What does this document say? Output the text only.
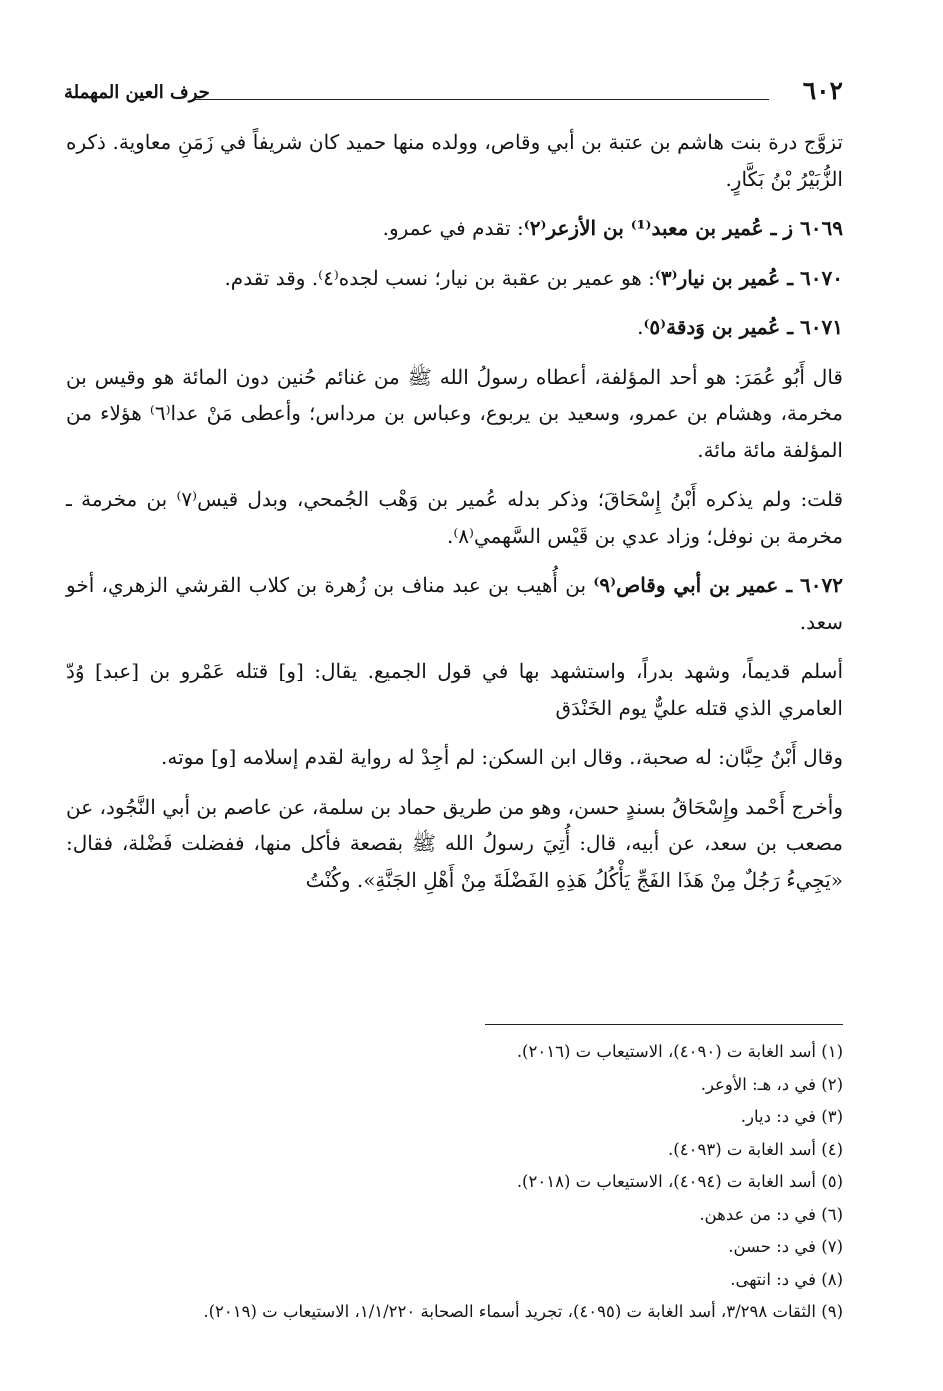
٦٠٢
حرف العين المهملة

تزوَّج درة بنت هاشم بن عتبة بن أبي وقاص، وولده منها حميد كان شريفاً في زَمَنِ معاوية. ذكره الزُّبَيْرُ بْنُ بَكَّارٍ.

٦٠٦٩ ز ـ عُمير بن معبد⁽¹⁾ بن الأزعر⁽٢⁾: تقدم في عمرو.

٦٠٧٠ ـ عُمير بن نيار⁽٣⁾: هو عمير بن عقبة بن نيار؛ نسب لجده⁽٤⁾. وقد تقدم.

٦٠٧١ ـ عُمير بن وَدقة⁽٥⁾.

قال أَبُو عُمَرَ: هو أحد المؤلفة، أعطاه رسولُ الله ﷺ من غنائم حُنين دون المائة هو وقيس بن مخرمة، وهشام بن عمرو، وسعيد بن يربوع، وعباس بن مرداس؛ وأعطى مَنْ عدا⁽٦⁾ هؤلاء من المؤلفة مائة مائة.

قلت: ولم يذكره أَبْنُ إِسْحَاقَ؛ وذكر بدله عُمير بن وَهْب الجُمحي، وبدل قيس⁽٧⁾ بن مخرمة ـ مخرمة بن نوفل؛ وزاد عدي بن قَيْس السَّهمي⁽٨⁾.

٦٠٧٢ ـ عمير بن أبي وقاص⁽٩⁾ بن أُهيب بن عبد مناف بن زُهرة بن كلاب القرشي الزهري، أخو سعد.

أسلم قديماً، وشهد بدراً، واستشهد بها في قول الجميع. يقال: [و] قتله عَمْرو بن [عبد] وُدّ العامري الذي قتله عليٌّ يوم الخَنْدَق

وقال أَبْنُ حِبَّان: له صحبة،. وقال ابن السكن: لم أجِدْ له رواية لقدم إسلامه [و] موته.

وأخرج أَحْمد وإِسْحَاقُ بسندٍ حسن، وهو من طريق حماد بن سلمة، عن عاصم بن أبي النَّجُود، عن مصعب بن سعد، عن أبيه، قال: أُتِيَ رسولُ الله ﷺ بقصعة فأكل منها، ففضلت فَضْلة، فقال: «يَجِيءُ رَجُلٌ مِنْ هَذَا الفَجِّ يَأْكُلُ هَذِهِ الفَضْلَةَ مِنْ أَهْلِ الجَنَّةِ». وكُنْتُ

(١) أسد الغابة ت (٤٠٩٠)، الاستيعاب ت (٢٠١٦).
(٢) في د، هـ: الأوعر.
(٣) في د: ديار.
(٤) أسد الغابة ت (٤٠٩٣).
(٥) أسد الغابة ت (٤٠٩٤)، الاستيعاب ت (٢٠١٨).
(٦) في د: من عدهن.
(٧) في د: حسن.
(٨) في د: انتهى.
(٩) الثقات ٣/٢٩٨، أسد الغابة ت (٤٠٩٥)، تجريد أسماء الصحابة ١/١/٢٢٠، الاستيعاب ت (٢٠١٩).
